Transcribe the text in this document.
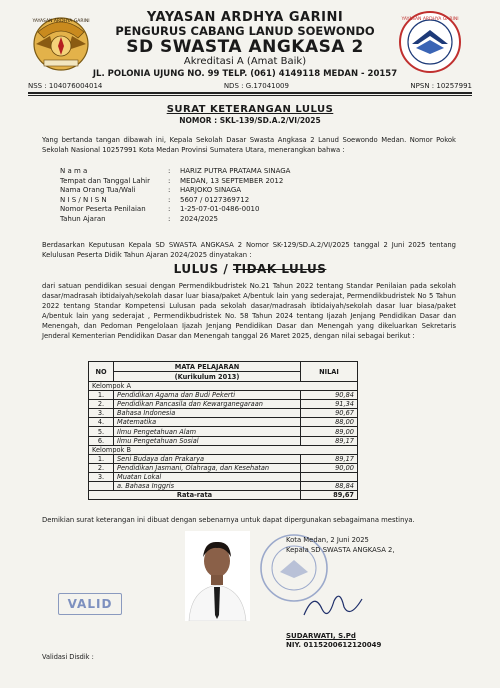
YAYASAN ARDHYA GARINI	YAYASAN ARDHYA GARINI
YAYASAN ARDHYA GARINI
PENGURUS CABANG LANUD SOEWONDO
SD SWASTA ANGKASA 2
Akreditasi A (Amat Baik)
JL. POLONIA UJUNG NO. 99 TELP. (061) 4149118 MEDAN - 20157
NSS : 104076004014	NDS : G.17041009	NPSN : 10257991
SURAT KETERANGAN LULUS
NOMOR : SKL-139/SD.A.2/VI/2025
Yang bertanda tangan dibawah ini, Kepala Sekolah Dasar Swasta Angkasa 2 Lanud Soewondo Medan. Nomor Pokok Sekolah Nasional 10257991 Kota Medan Provinsi Sumatera Utara, menerangkan bahwa :
N a m a	:	HARIZ PUTRA PRATAMA SINAGA
Tempat dan Tanggal Lahir	:	MEDAN, 13 SEPTEMBER 2012
Nama Orang Tua/Wali	:	HARJOKO SINAGA
N I S / N I S N	:	5607 / 0127369712
Nomor Peserta Penilaian	:	1-25-07-01-0486-0010
Tahun Ajaran	:	2024/2025
Berdasarkan Keputusan Kepala SD SWASTA ANGKASA 2 Nomor SK-129/SD.A.2/VI/2025 tanggal 2 Juni 2025 tentang Kelulusan Peserta Didik Tahun Ajaran 2024/2025 dinyatakan :
LULUS / TIDAK LULUS
dari satuan pendidikan sesuai dengan Permendikbudristek No.21 Tahun 2022 tentang Standar Penilaian pada sekolah dasar/madrasah ibtidaiyah/sekolah dasar luar biasa/paket A/bentuk lain yang sederajat, Permendikbudristek No 5 Tahun 2022 tentang Standar Kompetensi Lulusan pada sekolah dasar/madrasah ibtidaiyah/sekolah dasar luar biasa/paket A/bentuk lain yang sederajat , Permendikbudristek No. 58 Tahun 2024 tentang Ijazah Jenjang Pendidikan Dasar dan Menengah, dan Pedoman Pengelolaan Ijazah Jenjang Pendidikan Dasar dan Menengah yang dikeluarkan Sekretaris Jenderal Kementerian Pendidikan Dasar dan Menengah tanggal 26 Maret 2025, dengan nilai sebagai berikut :
NO	MATA PELAJARAN	NILAI
	(Kurikulum 2013)	
Kelompok A		
1.	Pendidikan Agama dan Budi Pekerti	90,84
2.	Pendidikan Pancasila dan Kewarganegaraan	91,34
3.	Bahasa Indonesia	90,67
4.	Matematika	88,00
5.	Ilmu Pengetahuan Alam	89,00
6.	Ilmu Pengetahuan Sosial	89,17
Kelompok B		
1.	Seni Budaya dan Prakarya	89,17
2.	Pendidikan Jasmani, Olahraga, dan Kesehatan	90,00
3.	Muatan Lokal	
	a. Bahasa Inggris	88,84
Rata-rata		89,67
Demikian surat keterangan ini dibuat dengan sebenarnya untuk dapat dipergunakan sebagaimana mestinya.
Kota Medan, 2 Juni 2025
Kepala SD SWASTA ANGKASA 2,
SUDARWATI, S.Pd
NIY. 0115200612120049
VALID
Validasi Disdik :
